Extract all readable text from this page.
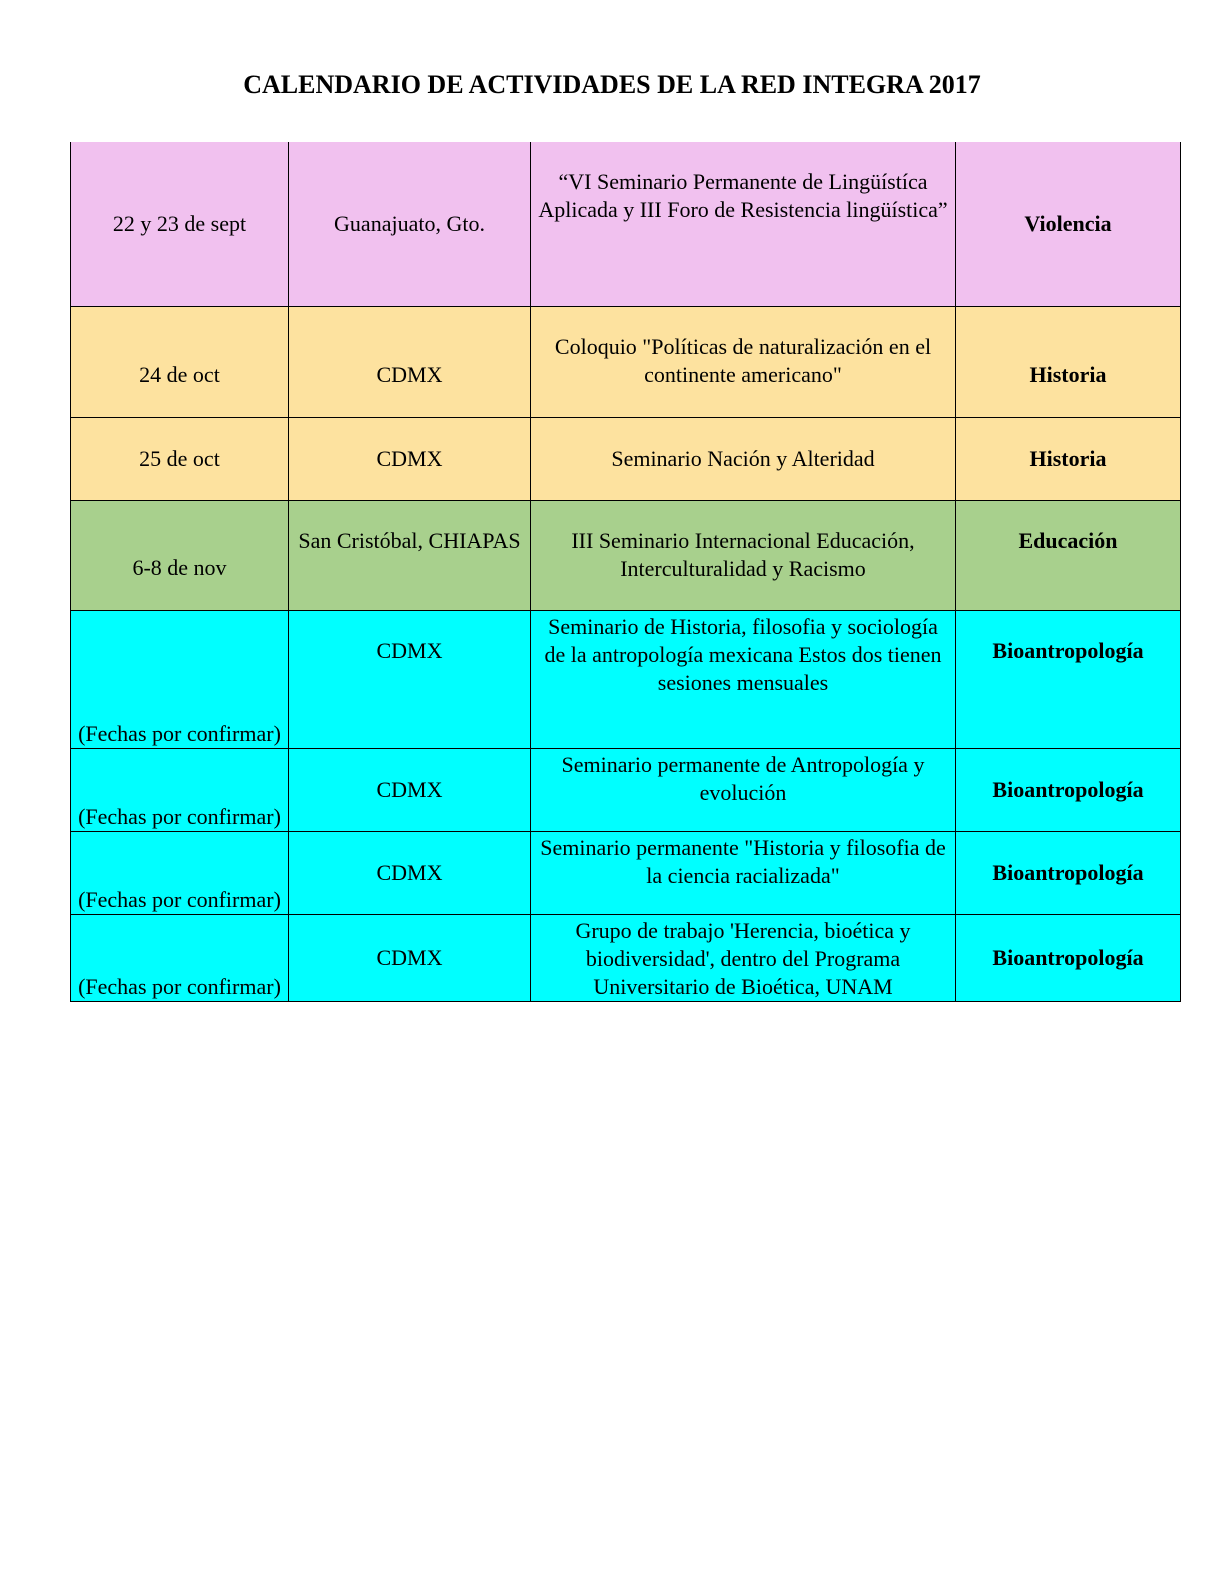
CALENDARIO DE ACTIVIDADES DE LA RED INTEGRA 2017
22 y 23 de sept	Guanajuato, Gto.	“VI Seminario Permanente de Lingüístíca Aplicada y III Foro de Resistencia lingüística”	Violencia
24 de oct	CDMX	Coloquio "Políticas de naturalización en el continente americano"	Historia
25 de oct	CDMX	Seminario Nación y Alteridad	Historia
6-8 de nov	San Cristóbal, CHIAPAS	III Seminario Internacional Educación, Interculturalidad y Racismo	Educación
(Fechas por confirmar)	CDMX	Seminario de Historia, filosofia y sociología de la antropología mexicana Estos dos tienen sesiones mensuales	Bioantropología
(Fechas por confirmar)	CDMX	Seminario permanente de Antropología y evolución	Bioantropología
(Fechas por confirmar)	CDMX	Seminario permanente "Historia y filosofia de la ciencia racializada"	Bioantropología
(Fechas por confirmar)	CDMX	Grupo de trabajo 'Herencia, bioética y biodiversidad', dentro del Programa Universitario de Bioética, UNAM	Bioantropología
